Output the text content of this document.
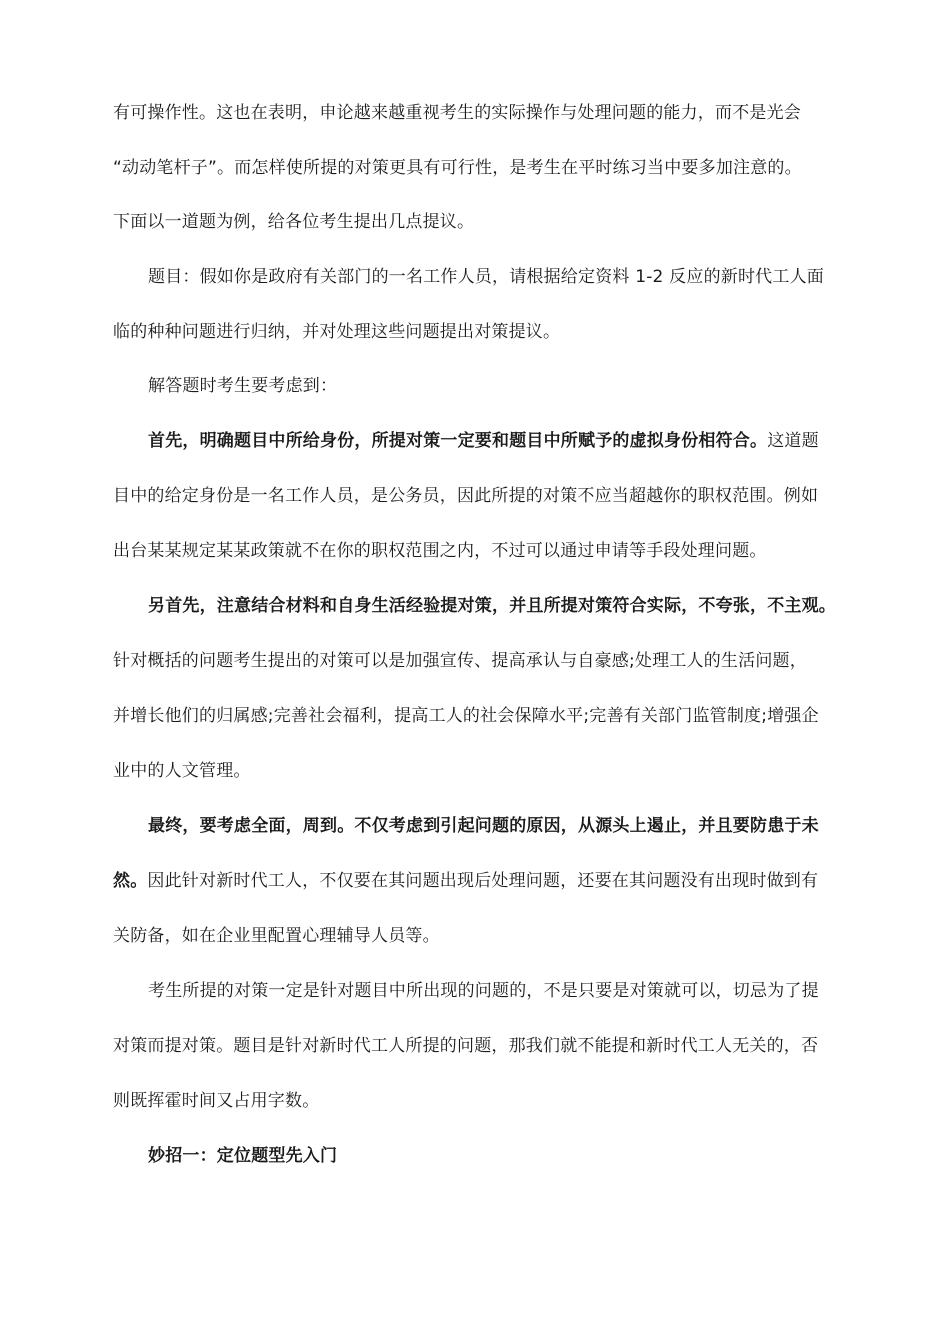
有可操作性。这也在表明，申论越来越重视考生的实际操作与处理问题的能力，而不是光会
“动动笔杆子”。而怎样使所提的对策更具有可行性，是考生在平时练习当中要多加注意的。
下面以一道题为例，给各位考生提出几点提议。
题目：假如你是政府有关部门的一名工作人员，请根据给定资料 1-2 反应的新时代工人面
临的种种问题进行归纳，并对处理这些问题提出对策提议。
解答题时考生要考虑到：
首先，明确题目中所给身份，所提对策一定要和题目中所赋予的虚拟身份相符合。这道题
目中的给定身份是一名工作人员，是公务员，因此所提的对策不应当超越你的职权范围。例如
出台某某规定某某政策就不在你的职权范围之内，不过可以通过申请等手段处理问题。
另首先，注意结合材料和自身生活经验提对策，并且所提对策符合实际，不夸张，不主观。
针对概括的问题考生提出的对策可以是加强宣传、提高承认与自豪感;处理工人的生活问题，
并增长他们的归属感;完善社会福利，提高工人的社会保障水平;完善有关部门监管制度;增强企
业中的人文管理。
最终，要考虑全面，周到。不仅考虑到引起问题的原因，从源头上遏止，并且要防患于未
然。因此针对新时代工人，不仅要在其问题出现后处理问题，还要在其问题没有出现时做到有
关防备，如在企业里配置心理辅导人员等。
考生所提的对策一定是针对题目中所出现的问题的，不是只要是对策就可以，切忌为了提
对策而提对策。题目是针对新时代工人所提的问题，那我们就不能提和新时代工人无关的，否
则既挥霍时间又占用字数。
妙招一：定位题型先入门
